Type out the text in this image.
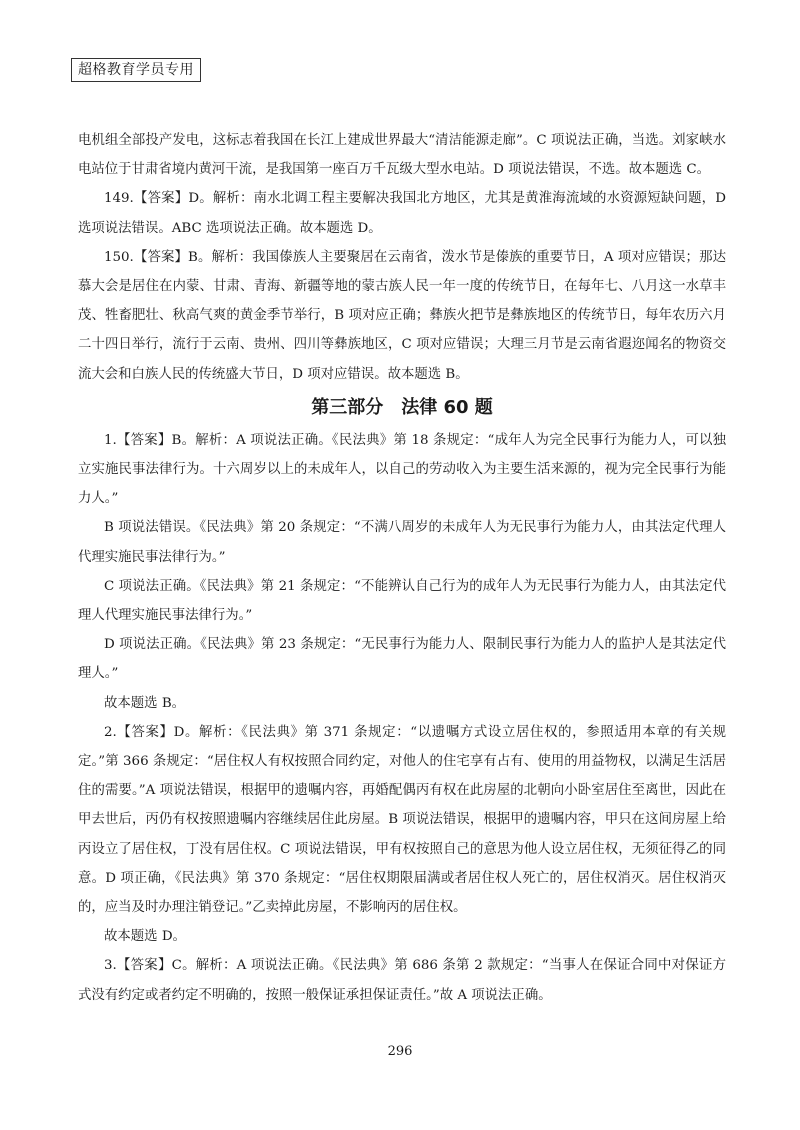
超格教育学员专用

电机组全部投产发电，这标志着我国在长江上建成世界最大“清洁能源走廊”。C 项说法正确，当选。刘家峡水电站位于甘肃省境内黄河干流，是我国第一座百万千瓦级大型水电站。D 项说法错误，不选。故本题选 C。

149.【答案】D。解析：南水北调工程主要解决我国北方地区，尤其是黄淮海流域的水资源短缺问题，D 选项说法错误。ABC 选项说法正确。故本题选 D。

150.【答案】B。解析：我国傣族人主要聚居在云南省，泼水节是傣族的重要节日，A 项对应错误；那达慕大会是居住在内蒙、甘肃、青海、新疆等地的蒙古族人民一年一度的传统节日，在每年七、八月这一水草丰茂、牲畜肥壮、秋高气爽的黄金季节举行，B 项对应正确；彝族火把节是彝族地区的传统节日，每年农历六月二十四日举行，流行于云南、贵州、四川等彝族地区，C 项对应错误；大理三月节是云南省遐迩闻名的物资交流大会和白族人民的传统盛大节日，D 项对应错误。故本题选 B。

第三部分　法律 60 题

1.【答案】B。解析：A 项说法正确。《民法典》第 18 条规定：“成年人为完全民事行为能力人，可以独立实施民事法律行为。十六周岁以上的未成年人，以自己的劳动收入为主要生活来源的，视为完全民事行为能力人。”

B 项说法错误。《民法典》第 20 条规定：“不满八周岁的未成年人为无民事行为能力人，由其法定代理人代理实施民事法律行为。”

C 项说法正确。《民法典》第 21 条规定：“不能辨认自己行为的成年人为无民事行为能力人，由其法定代理人代理实施民事法律行为。”

D 项说法正确。《民法典》第 23 条规定：“无民事行为能力人、限制民事行为能力人的监护人是其法定代理人。”

故本题选 B。

2.【答案】D。解析：《民法典》第 371 条规定：“以遗嘱方式设立居住权的，参照适用本章的有关规定。”第 366 条规定：“居住权人有权按照合同约定，对他人的住宅享有占有、使用的用益物权，以满足生活居住的需要。”A 项说法错误，根据甲的遗嘱内容，再婚配偶丙有权在此房屋的北朝向小卧室居住至离世，因此在甲去世后，丙仍有权按照遗嘱内容继续居住此房屋。B 项说法错误，根据甲的遗嘱内容，甲只在这间房屋上给丙设立了居住权，丁没有居住权。C 项说法错误，甲有权按照自己的意思为他人设立居住权，无须征得乙的同意。D 项正确，《民法典》第 370 条规定：“居住权期限届满或者居住权人死亡的，居住权消灭。居住权消灭的，应当及时办理注销登记。”乙卖掉此房屋，不影响丙的居住权。

故本题选 D。

3.【答案】C。解析：A 项说法正确。《民法典》第 686 条第 2 款规定：“当事人在保证合同中对保证方式没有约定或者约定不明确的，按照一般保证承担保证责任。”故 A 项说法正确。

296
